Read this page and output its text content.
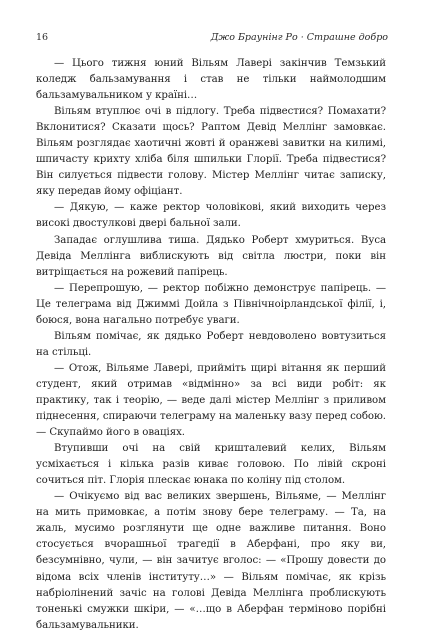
16	Джо Браунінг Ро · Страшне добро

— Цього тижня юний Вільям Лавері закінчив Темзький коледж бальзамування і став не тільки наймолодшим бальзамувальником у країні…

Вільям втуплює очі в підлогу. Треба підвестися? Помахати? Вклонитися? Сказати щось? Раптом Девід Меллінг замовкає. Вільям розглядає хаотичні жовті й оранжеві завитки на килимі, шпичасту крихту хліба біля шпильки Глорії. Треба підвестися? Він силується підвести голову. Містер Меллінг читає записку, яку передав йому офіціант.

— Дякую, — каже ректор чоловікові, який виходить через високі двостулкові двері бальної зали.

Западає оглушлива тиша. Дядько Роберт хмуриться. Вуса Девіда Меллінга виблискують від світла люстри, поки він витріщається на рожевий папірець.

— Перепрошую, — ректор побіжно демонструє папірець. — Це телеграма від Джиммі Дойла з Північноірландської філії, і, боюся, вона нагально потребує уваги.

Вільям помічає, як дядько Роберт невдоволено вовтузиться на стільці.

— Отож, Вільяме Лавері, прийміть щирі вітання як перший студент, який отримав «відмінно» за всі види робіт: як практику, так і теорію, — веде далі містер Меллінг з приливом піднесення, спираючи телеграму на маленьку вазу перед собою. — Скупаймо його в оваціях.

Втупивши очі на свій кришталевий келих, Вільям усміхається і кілька разів киває головою. По лівій скроні сочиться піт. Глорія плескає юнака по коліну під столом.

— Очікуємо від вас великих звершень, Вільяме, — Меллінг на мить примовкає, а потім знову бере телеграму. — Та, на жаль, мусимо розглянути ще одне важливе питання. Воно стосується вчорашньої трагедії в Аберфані, про яку ви, безсумнівно, чули, — він зачитує вголос: — «Прошу довести до відома всіх членів інституту…» — Вільям помічає, як крізь набріолінений зачіс на голові Девіда Меллінга проблискують тоненькі смужки шкіри, — «…що в Аберфан терміново порібні бальзамувальники.
